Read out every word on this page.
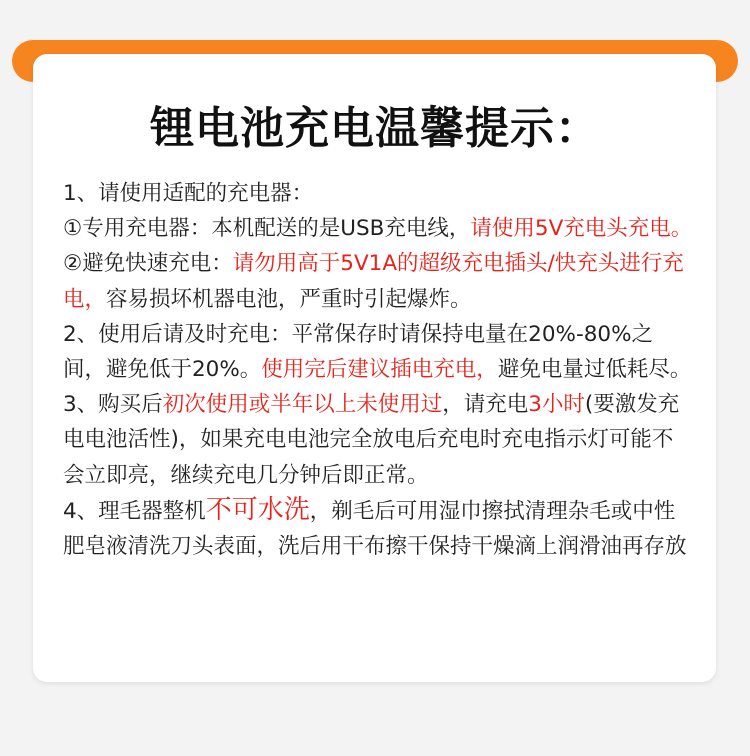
锂电池充电温馨提示：

1、请使用适配的充电器：

①专用充电器：本机配送的是USB充电线，请使用5V充电头充电。

②避免快速充电：请勿用高于5V1A的超级充电插头/快充头进行充电，容易损坏机器电池，严重时引起爆炸。

2、使用后请及时充电：平常保存时请保持电量在20%-80%之间，避免低于20%。使用完后建议插电充电，避免电量过低耗尽。

3、购买后初次使用或半年以上未使用过，请充电3小时(要激发充电电池活性)，如果充电电池完全放电后充电时充电指示灯可能不会立即亮，继续充电几分钟后即正常。

4、理毛器整机不可水洗，剃毛后可用湿巾擦拭清理杂毛或中性肥皂液清洗刀头表面，洗后用干布擦干保持干燥滴上润滑油再存放
